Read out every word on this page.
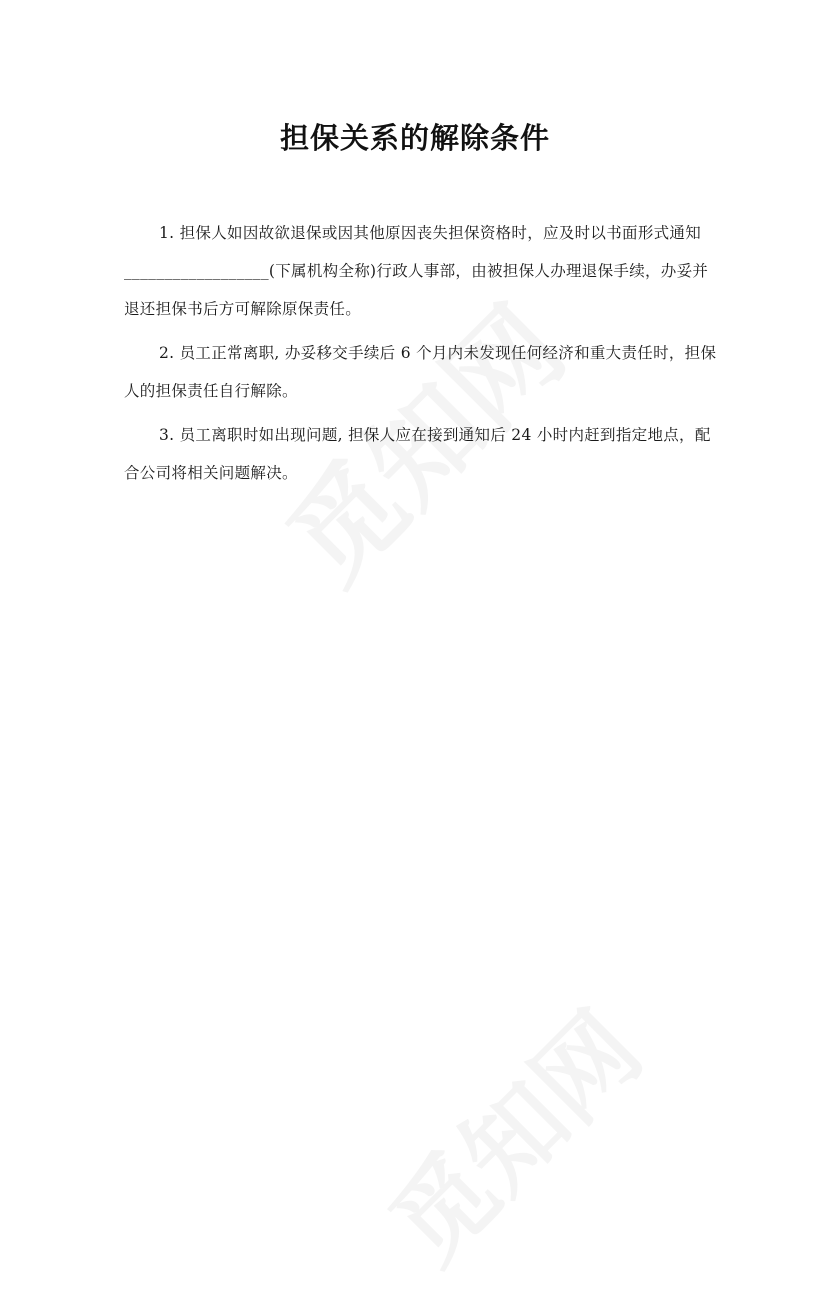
担保关系的解除条件

1. 担保人如因故欲退保或因其他原因丧失担保资格时，应及时以书面形式通知__________________(下属机构全称)行政人事部，由被担保人办理退保手续，办妥并退还担保书后方可解除原保责任。

2. 员工正常离职, 办妥移交手续后 6 个月内未发现任何经济和重大责任时，担保人的担保责任自行解除。

3. 员工离职时如出现问题, 担保人应在接到通知后 24 小时内赶到指定地点，配合公司将相关问题解决。
